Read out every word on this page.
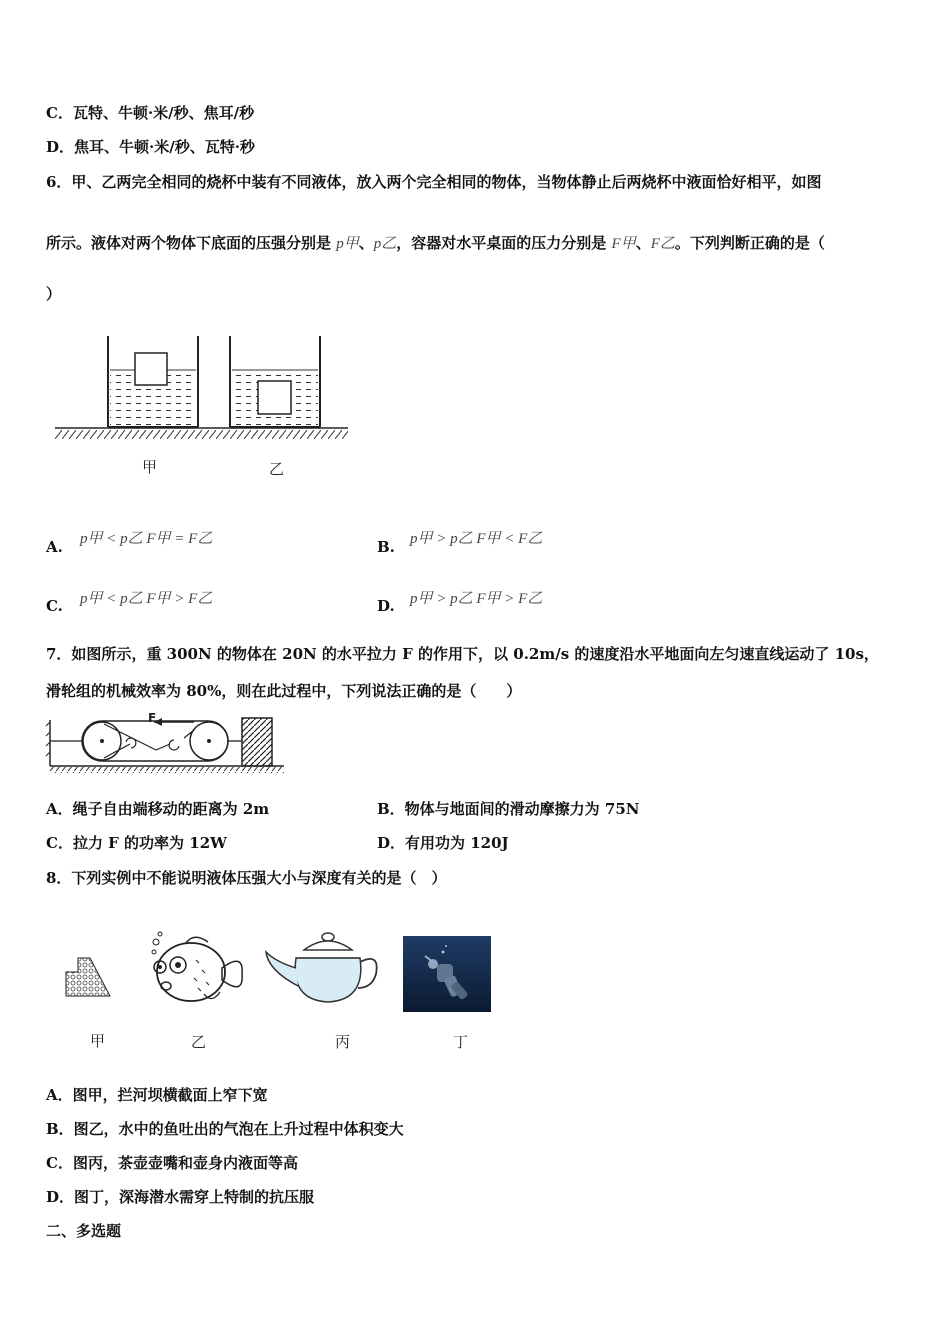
C．瓦特、牛顿·米/秒、焦耳/秒
D．焦耳、牛顿·米/秒、瓦特·秒
6．甲、乙两完全相同的烧杯中装有不同液体，放入两个完全相同的物体，当物体静止后两烧杯中液面恰好相平，如图
所示。液体对两个物体下底面的压强分别是 p甲、p乙，容器对水平桌面的压力分别是 F甲、F乙。下列判断正确的是（
）
甲	乙
A. p甲 < p乙 F甲 = F乙	B. p甲 > p乙 F甲 < F乙
C. p甲 < p乙 F甲 > F乙	D. p甲 > p乙 F甲 > F乙
7．如图所示，重 300N 的物体在 20N 的水平拉力 F 的作用下，以 0.2m/s 的速度沿水平地面向左匀速直线运动了 10s，
滑轮组的机械效率为 80%，则在此过程中，下列说法正确的是（　　）
F
A．绳子自由端移动的距离为 2m	B．物体与地面间的滑动摩擦力为 75N
C．拉力 F 的功率为 12W	D．有用功为 120J
8．下列实例中不能说明液体压强大小与深度有关的是（　）
甲	乙	丙	丁
A．图甲，拦河坝横截面上窄下宽
B．图乙，水中的鱼吐出的气泡在上升过程中体积变大
C．图丙，茶壶壶嘴和壶身内液面等高
D．图丁，深海潜水需穿上特制的抗压服
二、多选题
